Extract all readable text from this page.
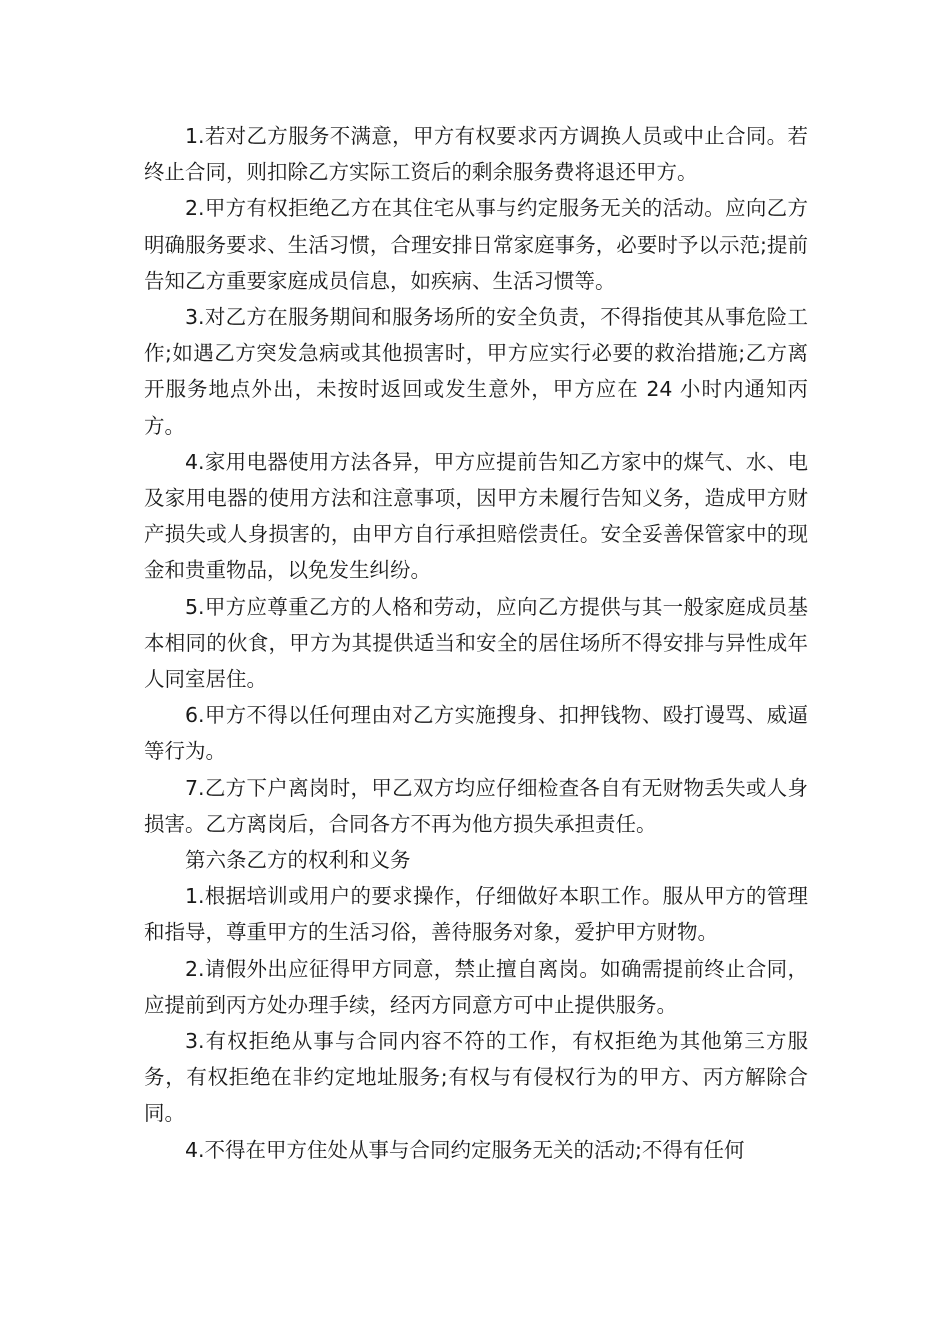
1.若对乙方服务不满意，甲方有权要求丙方调换人员或中止合同。若终止合同，则扣除乙方实际工资后的剩余服务费将退还甲方。

2.甲方有权拒绝乙方在其住宅从事与约定服务无关的活动。应向乙方明确服务要求、生活习惯，合理安排日常家庭事务，必要时予以示范;提前告知乙方重要家庭成员信息，如疾病、生活习惯等。

3.对乙方在服务期间和服务场所的安全负责，不得指使其从事危险工作;如遇乙方突发急病或其他损害时，甲方应实行必要的救治措施;乙方离开服务地点外出，未按时返回或发生意外，甲方应在 24 小时内通知丙方。

4.家用电器使用方法各异，甲方应提前告知乙方家中的煤气、水、电及家用电器的使用方法和注意事项，因甲方未履行告知义务，造成甲方财产损失或人身损害的，由甲方自行承担赔偿责任。安全妥善保管家中的现金和贵重物品，以免发生纠纷。

5.甲方应尊重乙方的人格和劳动，应向乙方提供与其一般家庭成员基本相同的伙食，甲方为其提供适当和安全的居住场所不得安排与异性成年人同室居住。

6.甲方不得以任何理由对乙方实施搜身、扣押钱物、殴打谩骂、威逼等行为。

7.乙方下户离岗时，甲乙双方均应仔细检查各自有无财物丢失或人身损害。乙方离岗后，合同各方不再为他方损失承担责任。

第六条乙方的权利和义务

1.根据培训或用户的要求操作，仔细做好本职工作。服从甲方的管理和指导，尊重甲方的生活习俗，善待服务对象，爱护甲方财物。

2.请假外出应征得甲方同意，禁止擅自离岗。如确需提前终止合同，应提前到丙方处办理手续，经丙方同意方可中止提供服务。

3.有权拒绝从事与合同内容不符的工作，有权拒绝为其他第三方服务，有权拒绝在非约定地址服务;有权与有侵权行为的甲方、丙方解除合同。

4.不得在甲方住处从事与合同约定服务无关的活动;不得有任何
